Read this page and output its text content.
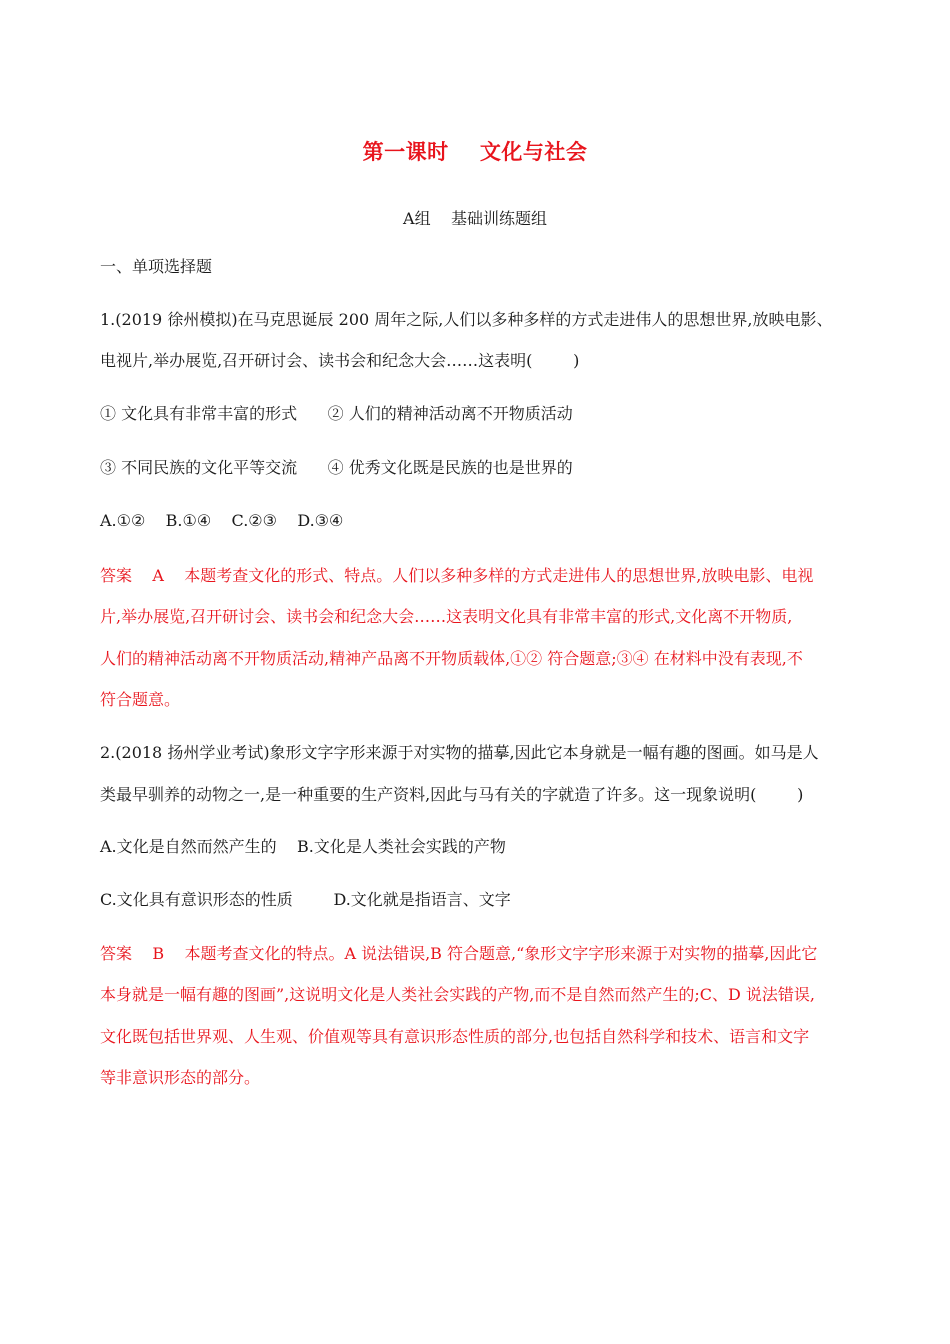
第一课时    文化与社会
A组    基础训练题组
一、单项选择题
1.(2019 徐州模拟)在马克思诞辰 200 周年之际,人们以多种多样的方式走进伟人的思想世界,放映电影、
电视片,举办展览,召开研讨会、读书会和纪念大会……这表明(        )
① 文化具有非常丰富的形式      ② 人们的精神活动离不开物质活动
③ 不同民族的文化平等交流      ④ 优秀文化既是民族的也是世界的
A.①②    B.①④    C.②③    D.③④
答案    A    本题考查文化的形式、特点。人们以多种多样的方式走进伟人的思想世界,放映电影、电视
片,举办展览,召开研讨会、读书会和纪念大会……这表明文化具有非常丰富的形式,文化离不开物质,
人们的精神活动离不开物质活动,精神产品离不开物质载体,①② 符合题意;③④ 在材料中没有表现,不
符合题意。
2.(2018 扬州学业考试)象形文字字形来源于对实物的描摹,因此它本身就是一幅有趣的图画。如马是人
类最早驯养的动物之一,是一种重要的生产资料,因此与马有关的字就造了许多。这一现象说明(        )
A.文化是自然而然产生的    B.文化是人类社会实践的产物
C.文化具有意识形态的性质        D.文化就是指语言、文字
答案    B    本题考查文化的特点。A 说法错误,B 符合题意,“象形文字字形来源于对实物的描摹,因此它
本身就是一幅有趣的图画”,这说明文化是人类社会实践的产物,而不是自然而然产生的;C、D 说法错误,
文化既包括世界观、人生观、价值观等具有意识形态性质的部分,也包括自然科学和技术、语言和文字
等非意识形态的部分。
